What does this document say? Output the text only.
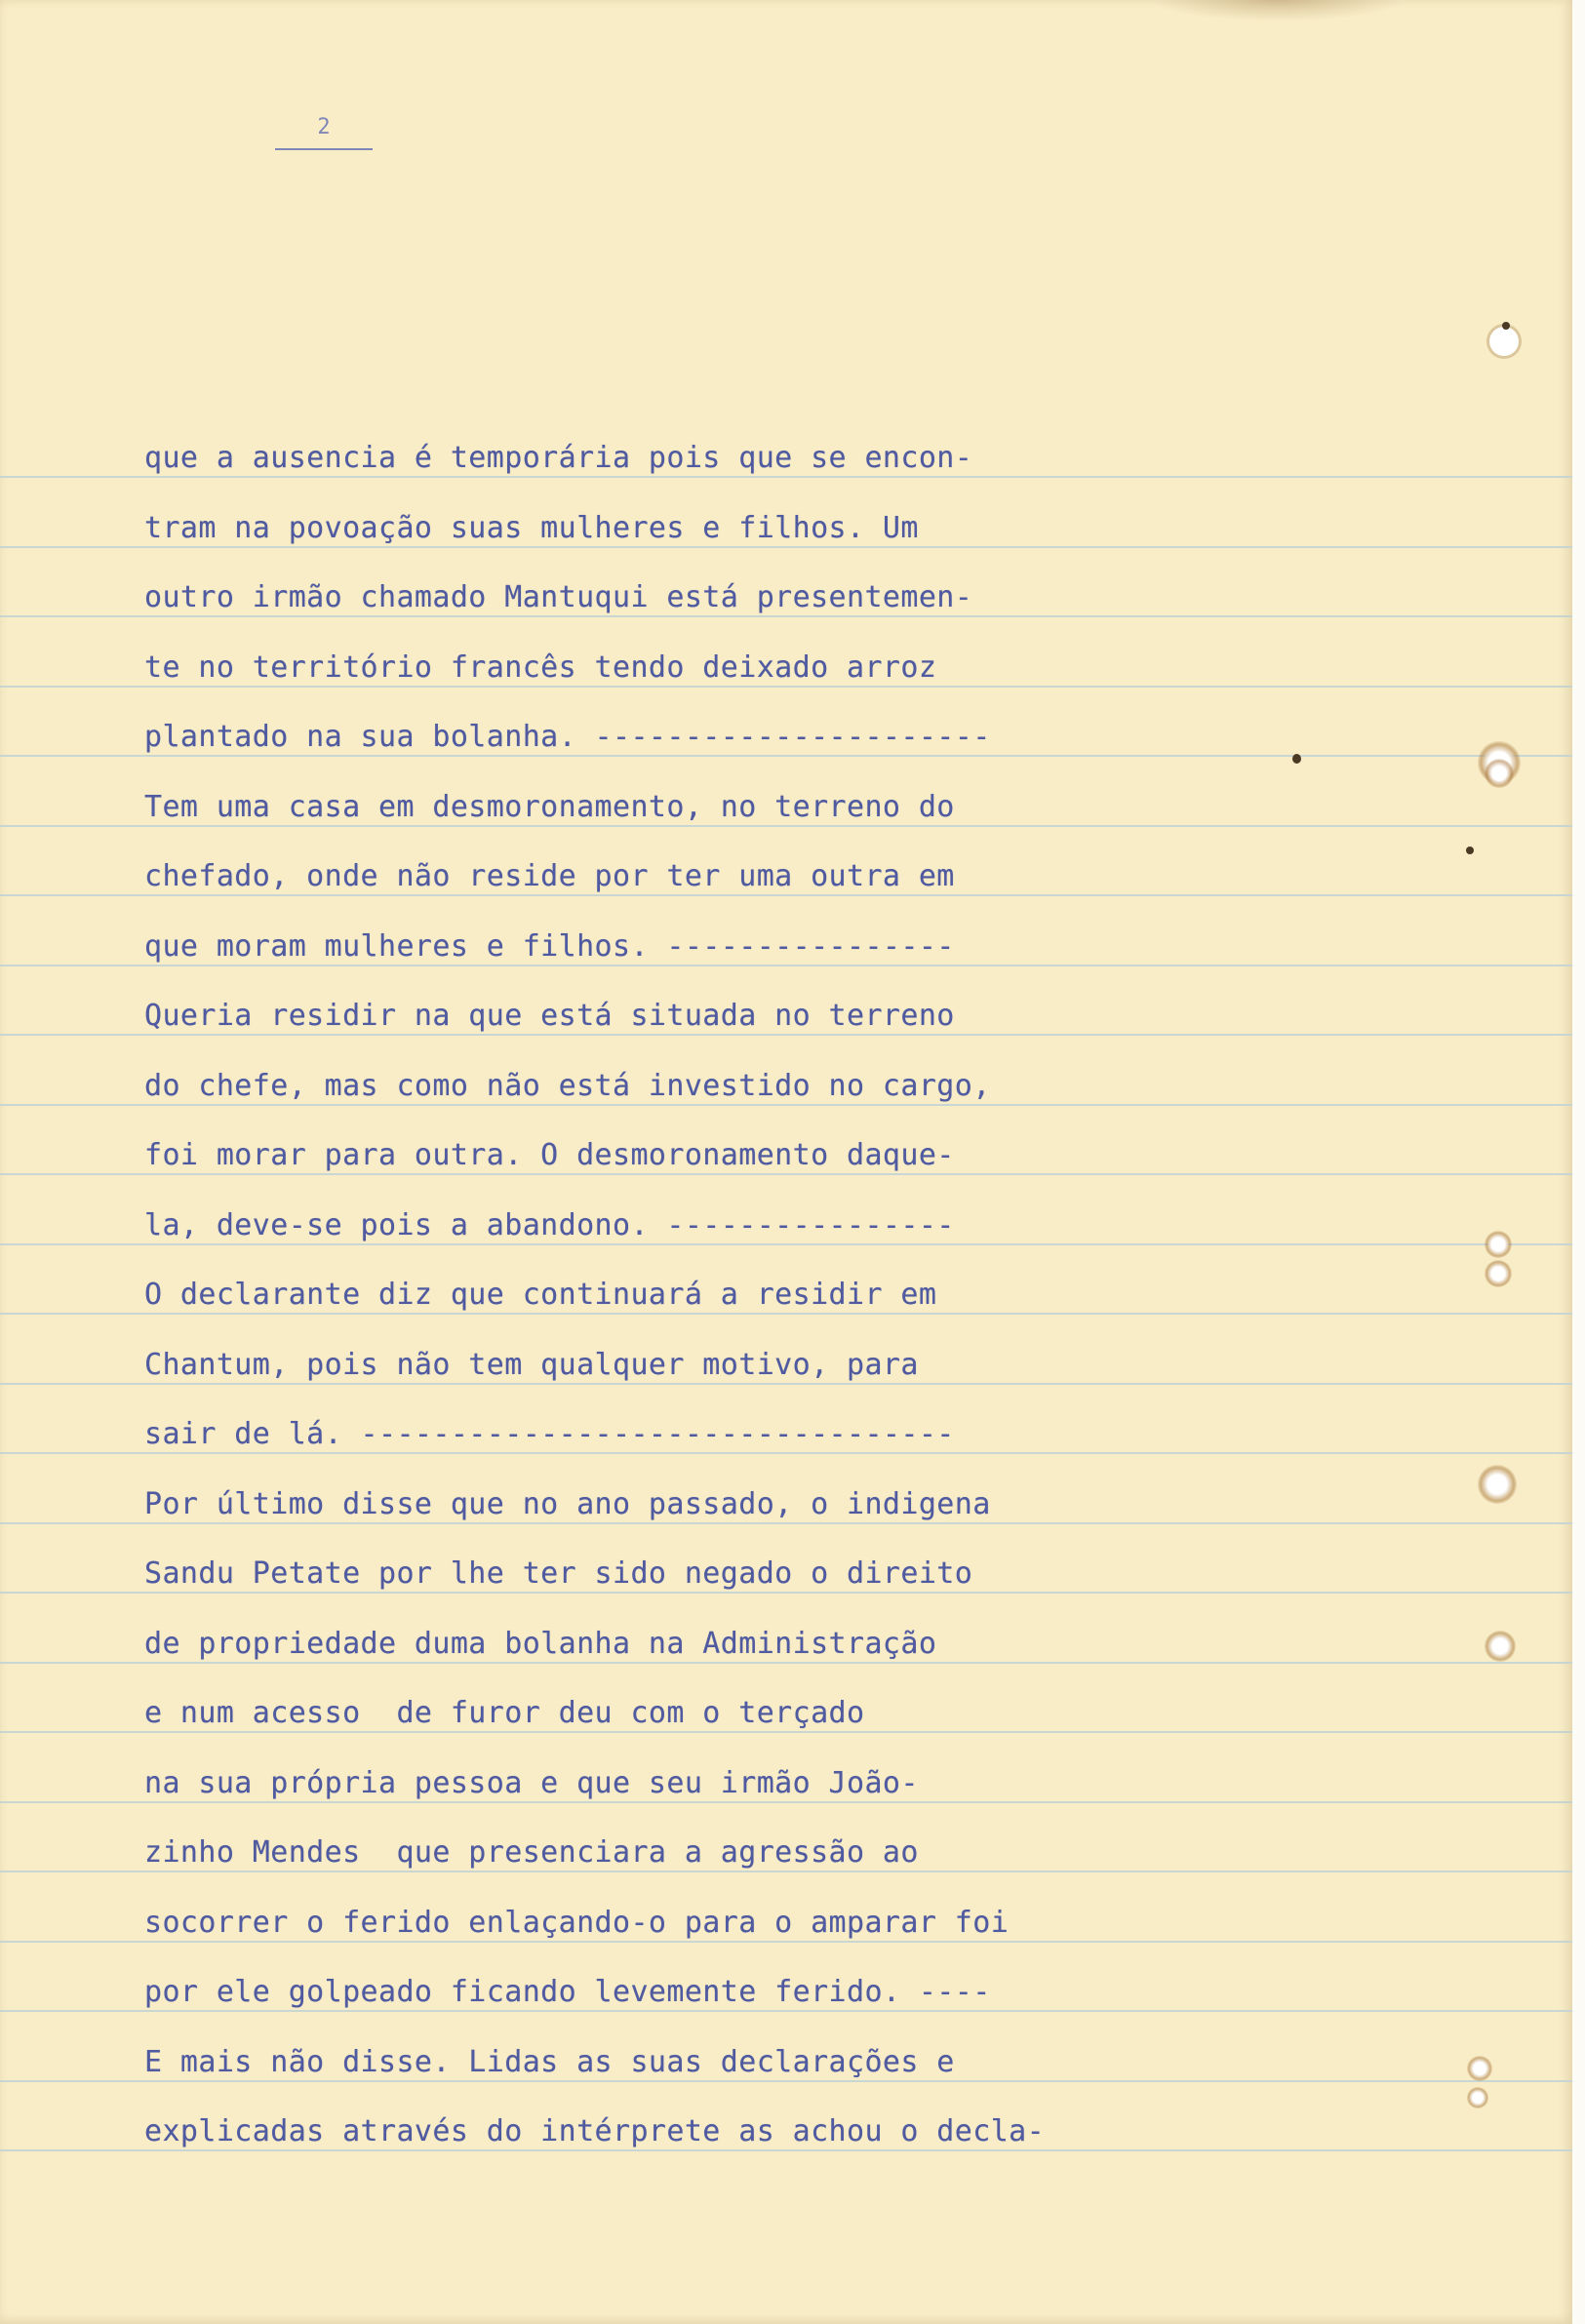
2
que a ausencia é temporária pois que se encon-
tram na povoação suas mulheres e filhos. Um
outro irmão chamado Mantuqui está presentemen-
te no território francês tendo deixado arroz
plantado na sua bolanha. ----------------------
Tem uma casa em desmoronamento, no terreno do
chefado, onde não reside por ter uma outra em
que moram mulheres e filhos. ----------------
Queria residir na que está situada no terreno
do chefe, mas como não está investido no cargo,
foi morar para outra. O desmoronamento daque-
la, deve-se pois a abandono. ----------------
O declarante diz que continuará a residir em
Chantum, pois não tem qualquer motivo, para
sair de lá. ---------------------------------
Por último disse que no ano passado, o indigena
Sandu Petate por lhe ter sido negado o direito
de propriedade duma bolanha na Administração
e num acesso  de furor deu com o terçado
na sua própria pessoa e que seu irmão João-
zinho Mendes  que presenciara a agressão ao
socorrer o ferido enlaçando-o para o amparar foi
por ele golpeado ficando levemente ferido. ----
E mais não disse. Lidas as suas declarações e
explicadas através do intérprete as achou o decla-
